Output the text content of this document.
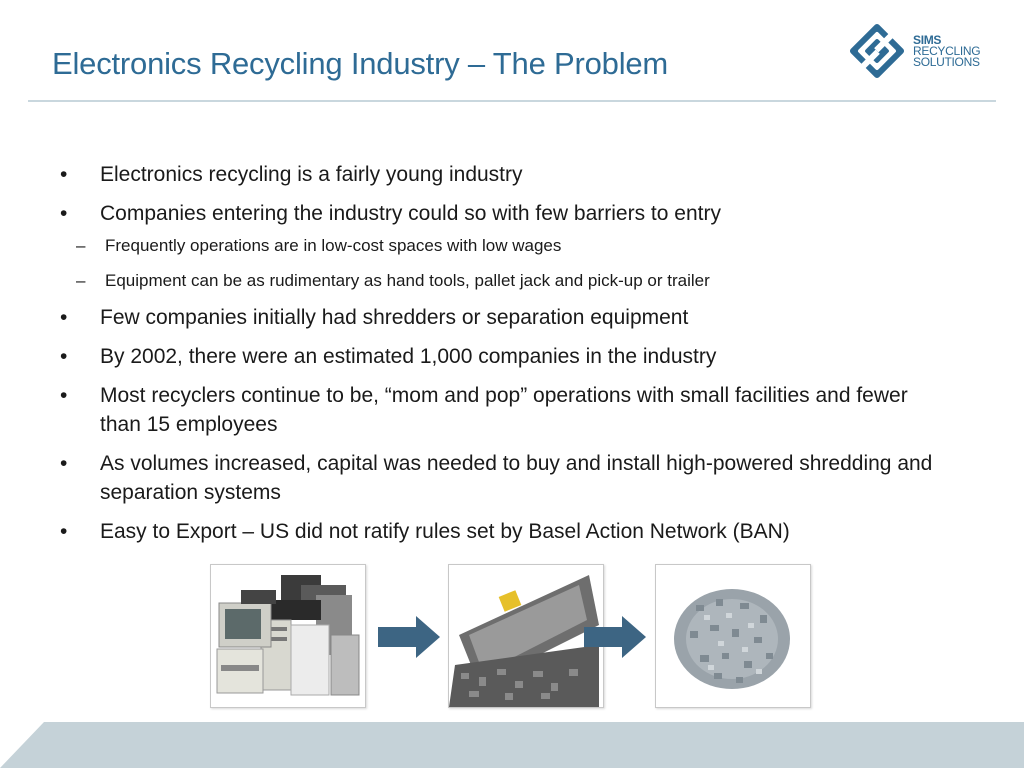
Electronics Recycling Industry – The Problem
SIMS
RECYCLING
SOLUTIONS
•	Electronics recycling is a fairly young industry
•	Companies entering the industry could so with few barriers to entry
– Frequently operations are in low-cost spaces with low wages
– Equipment can be as rudimentary as hand tools, pallet jack and pick-up or trailer
•	Few companies initially had shredders or separation equipment
•	By 2002, there were an estimated 1,000 companies in the industry
•	Most recyclers continue to be, “mom and pop” operations with small facilities and fewer than 15 employees
•	As volumes increased, capital was needed to buy and install high-powered shredding and separation systems
•	Easy to Export – US did not ratify rules set by Basel Action Network (BAN)
